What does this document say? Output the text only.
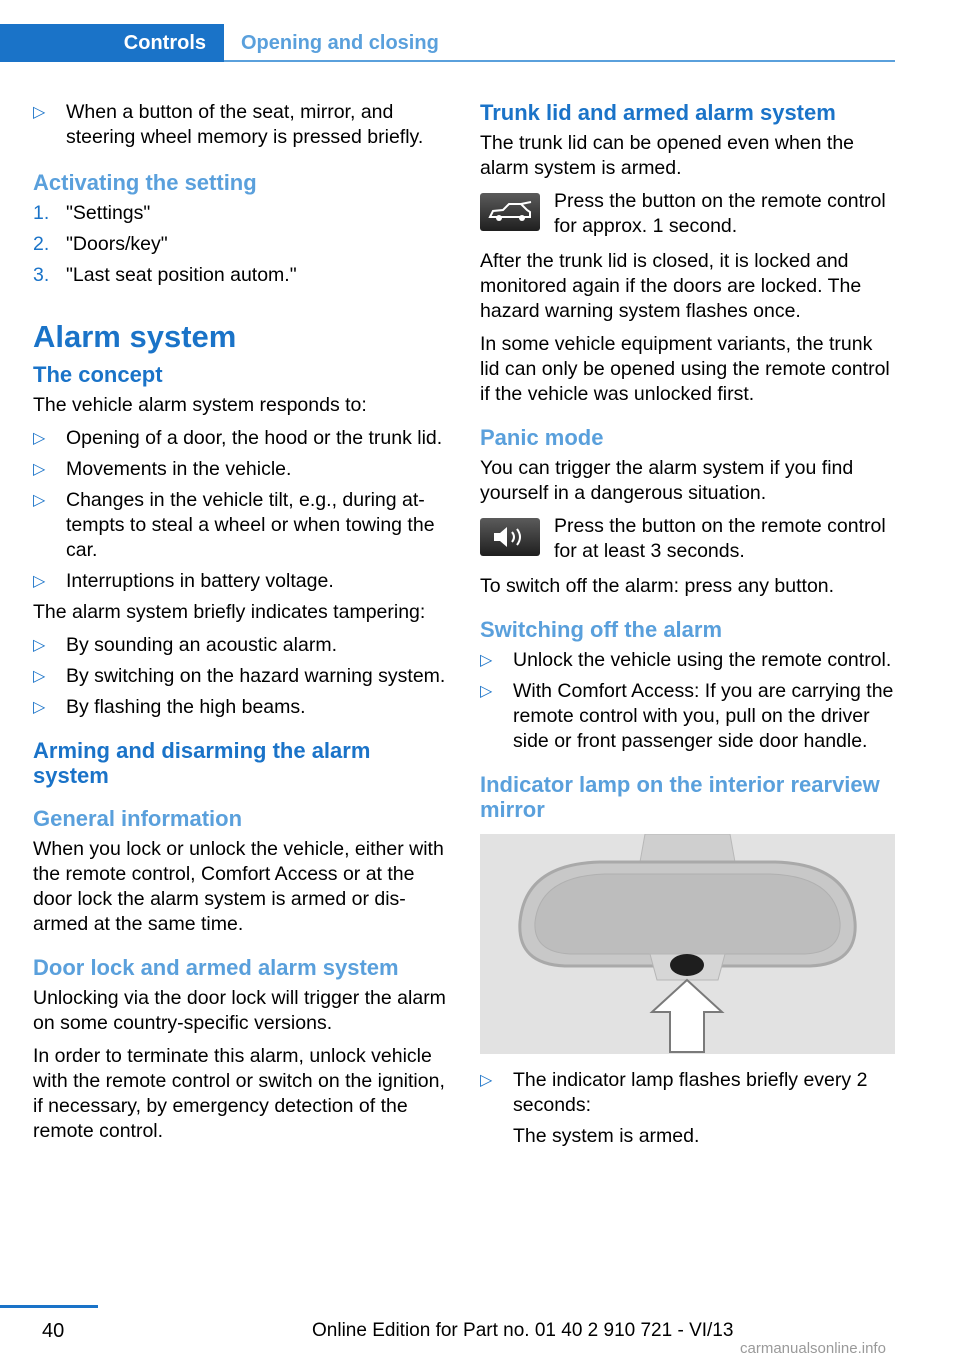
Controls	Opening and closing
▷ When a button of the seat, mirror, and steering wheel memory is pressed briefly.
Activating the setting
1. "Settings"
2. "Doors/key"
3. "Last seat position autom."
Alarm system
The concept

The vehicle alarm system responds to:

▷ Opening of a door, the hood or the trunk lid.
▷ Movements in the vehicle.
▷ Changes in the vehicle tilt, e.g., during attempts to steal a wheel or when towing the car.
▷ Interruptions in battery voltage.

The alarm system briefly indicates tampering:

▷ By sounding an acoustic alarm.
▷ By switching on the hazard warning system.
▷ By flashing the high beams.
Arming and disarming the alarm system
General information

When you lock or unlock the vehicle, either with the remote control, Comfort Access or at the door lock the alarm system is armed or disarmed at the same time.

Door lock and armed alarm system

Unlocking via the door lock will trigger the alarm on some country-specific versions.

In order to terminate this alarm, unlock vehicle with the remote control or switch on the ignition, if necessary, by emergency detection of the remote control.

Trunk lid and armed alarm system

The trunk lid can be opened even when the alarm system is armed.

Press the button on the remote control for approx. 1 second.

After the trunk lid is closed, it is locked and monitored again if the doors are locked. The hazard warning system flashes once.

In some vehicle equipment variants, the trunk lid can only be opened using the remote control if the vehicle was unlocked first.

Panic mode

You can trigger the alarm system if you find yourself in a dangerous situation.

Press the button on the remote control for at least 3 seconds.

To switch off the alarm: press any button.

Switching off the alarm
▷ Unlock the vehicle using the remote control.
▷ With Comfort Access: If you are carrying the remote control with you, pull on the driver side or front passenger side door handle.
Indicator lamp on the interior rearview mirror
▷ The indicator lamp flashes briefly every 2 seconds:
The system is armed.
40	Online Edition for Part no. 01 40 2 910 721 - VI/13
carmanualsonline.info
